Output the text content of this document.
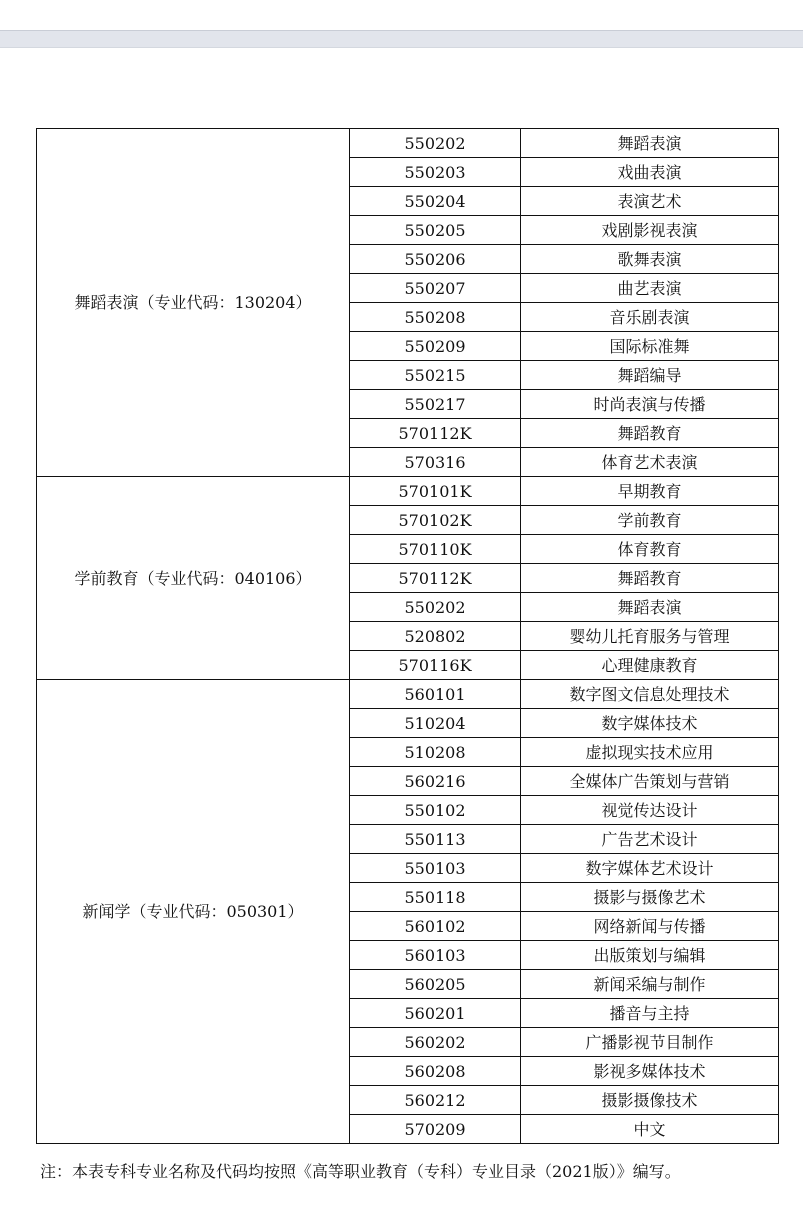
舞蹈表演（专业代码：130204）	550202	舞蹈表演
	550203	戏曲表演
	550204	表演艺术
	550205	戏剧影视表演
	550206	歌舞表演
	550207	曲艺表演
	550208	音乐剧表演
	550209	国际标准舞
	550215	舞蹈编导
	550217	时尚表演与传播
	570112K	舞蹈教育
	570316	体育艺术表演
学前教育（专业代码：040106）	570101K	早期教育
	570102K	学前教育
	570110K	体育教育
	570112K	舞蹈教育
	550202	舞蹈表演
	520802	婴幼儿托育服务与管理
	570116K	心理健康教育
新闻学（专业代码：050301）	560101	数字图文信息处理技术
	510204	数字媒体技术
	510208	虚拟现实技术应用
	560216	全媒体广告策划与营销
	550102	视觉传达设计
	550113	广告艺术设计
	550103	数字媒体艺术设计
	550118	摄影与摄像艺术
	560102	网络新闻与传播
	560103	出版策划与编辑
	560205	新闻采编与制作
	560201	播音与主持
	560202	广播影视节目制作
	560208	影视多媒体技术
	560212	摄影摄像技术
	570209	中文
注：本表专科专业名称及代码均按照《高等职业教育（专科）专业目录（2021版）》编写。
